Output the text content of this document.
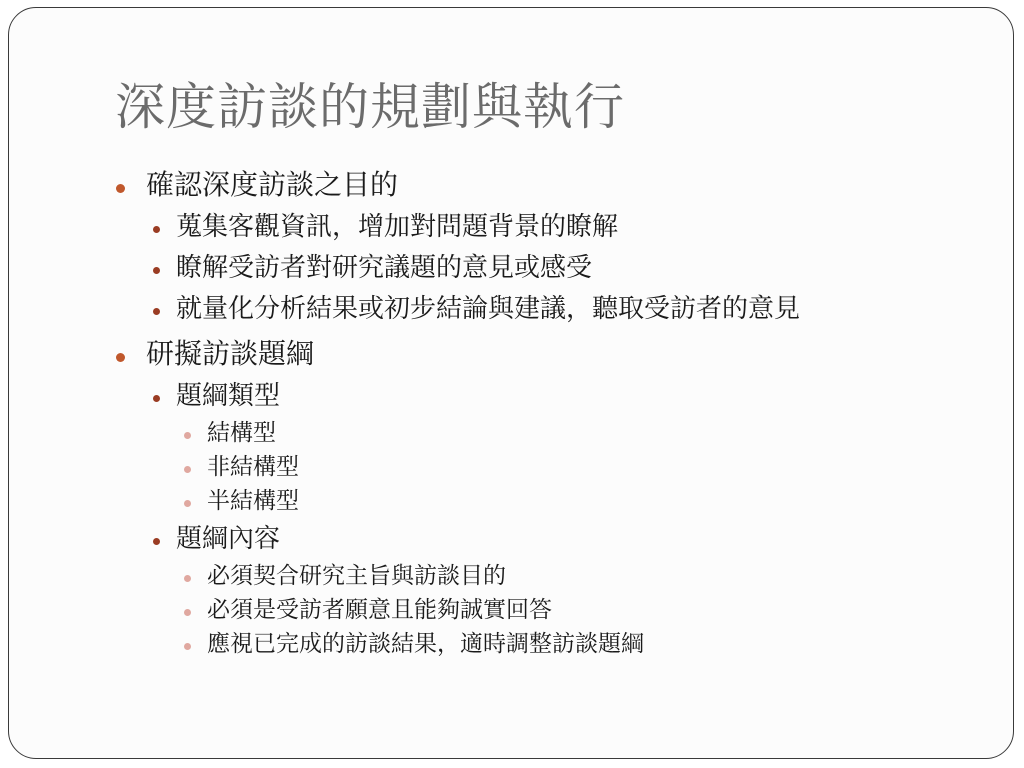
深度訪談的規劃與執行
確認深度訪談之目的
蒐集客觀資訊，增加對問題背景的瞭解
瞭解受訪者對研究議題的意見或感受
就量化分析結果或初步結論與建議，聽取受訪者的意見
研擬訪談題綱
題綱類型
結構型
非結構型
半結構型
題綱內容
必須契合研究主旨與訪談目的
必須是受訪者願意且能夠誠實回答
應視已完成的訪談結果，適時調整訪談題綱
